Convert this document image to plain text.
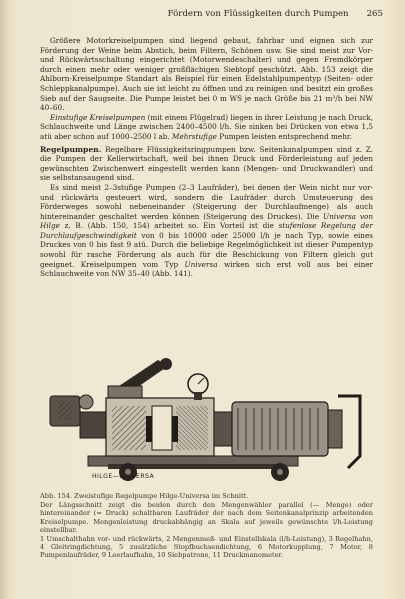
Fördern von Flüssigkeiten durch Pumpen 265

Größere Motorkreiselpumpen sind liegend gebaut, fahrbar und eignen sich zur Förderung der Weine beim Abstich, beim Filtern, Schönen usw. Sie sind meist zur Vor- und Rückwärtsschaltung eingerichtet (Motorwendeschalter) und gegen Fremdkörper durch einen mehr oder weniger großflächigen Siebtopf geschützt. Abb. 153 zeigt die Ahlborn-Kreiselpumpe Standart als Beispiel für einen Edelstahlpumpentyp (Seiten- oder Schleppkanalpumpe). Auch sie ist leicht zu öffnen und zu reinigen und besitzt ein großes Sieb auf der Saugseite. Die Pumpe leistet bei 0 m WS je nach Größe bis 21 m³/h bei NW 40–60.

Einstufige Kreiselpumpen (mit einem Flügelrad) liegen in ihrer Leistung je nach Druck, Schlauchweite und Länge zwischen 2400–4500 l/h. Sie sinken bei Drücken von etwa 1,5 atü aber schon auf 1000–2500 l ab. Mehrstufige Pumpen leisten entsprechend mehr.

Regelpumpen. Regelbare Flüssigkeitsringpumpen bzw. Seitenkanalpumpen sind z. Z. die Pumpen der Kellerwirtschaft, weil bei ihnen Druck und Förderleistung auf jeden gewünschten Zwischenwert eingestellt werden kann (Mengen- und Druckwandler) und sie selbstansaugend sind.

Es sind meist 2–3stufige Pumpen (2–3 Laufräder), bei denen der Wein nicht nur vor- und rückwärts gesteuert wird, sondern die Laufräder durch Umsteuerung des Förderweges sowohl nebeneinander (Steigerung der Durchlaufmenge) als auch hintereinander geschaltet werden können (Steigerung des Druckes). Die Universa von Hilge z. B. (Abb. 150, 154) arbeitet so. Ein Vorteil ist die stufenlose Regelung der Durchlaufgeschwindigkeit von 0 bis 10000 oder 25000 l/h je nach Typ, sowie eines Druckes von 0 bis fast 9 atü. Durch die beliebige Regelmöglichkeit ist dieser Pumpentyp sowohl für rasche Förderung als auch für die Beschickung von Filtern gleich gut geeignet. Kreiselpumpen vom Typ Universa wirken sich erst voll aus bei einer Schlauchweite von NW 35–40 (Abb. 141).

HILGE—UNIVERSA

Abb. 154. Zweistufige Regelpumpe Hilge-Universa im Schnitt.

Der Längsschnitt zeigt die beiden durch den Mengenwähler parallel (— Menge) oder hintereinander (= Druck) schaltbaren Laufräder der nach dem Seitenkanalprinzip arbeitenden Kreiselpumpe. Mengenleistung druckabhängig an Skala auf jeweils gewünschte l/h-Leistung einstellbar.

1 Umschalthahn vor- und rückwärts, 2 Mengenmeß- und Einstellskala (l/h-Leistung), 3 Regelhahn, 4 Gleitringdichtung, 5 zusätzliche Stopfbuchsendichtung, 6 Motorkupplung, 7 Motor, 8 Pumpenlaufräder, 9 Leerlaufhahn, 10 Siebpatrone, 11 Druckmanometer.
